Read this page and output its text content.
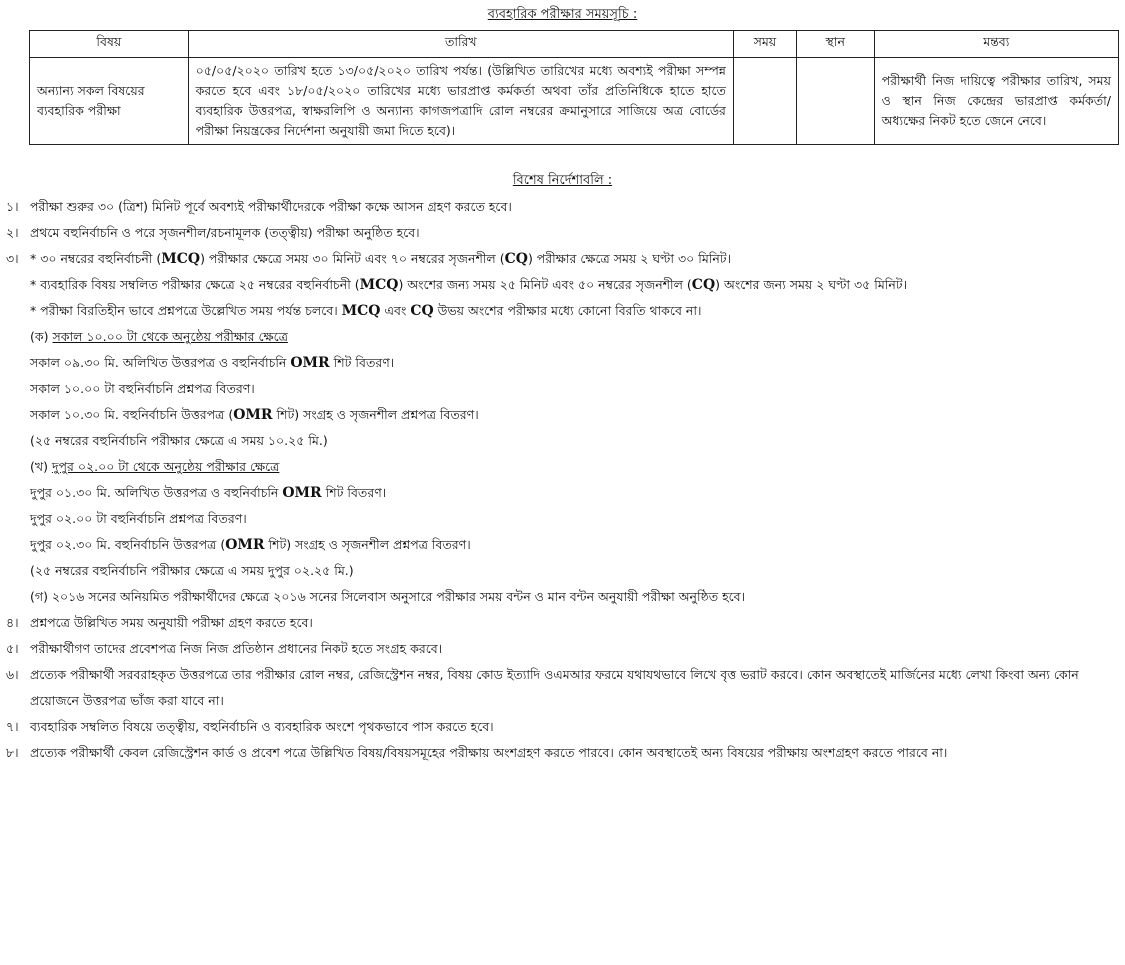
ব্যবহারিক পরীক্ষার সময়সূচি :
বিষয়	তারিখ	সময়	স্থান	মন্তব্য
অন্যান্য সকল বিষয়ের ব্যবহারিক পরীক্ষা	০৫/০৫/২০২০ তারিখ হতে ১৩/০৫/২০২০ তারিখ পর্যন্ত। (উল্লিখিত তারিখের মধ্যে অবশ্যই পরীক্ষা সম্পন্ন করতে হবে এবং ১৮/০৫/২০২০ তারিখের মধ্যে ভারপ্রাপ্ত কর্মকর্তা অথবা তাঁর প্রতিনিধিকে হাতে হাতে ব্যবহারিক উত্তরপত্র, স্বাক্ষরলিপি ও অন্যান্য কাগজপত্রাদি রোল নম্বরের ক্রমানুসারে সাজিয়ে অত্র বোর্ডের পরীক্ষা নিয়ন্ত্রকের নির্দেশনা অনুযায়ী জমা দিতে হবে)।			পরীক্ষার্থী নিজ দায়িত্বে পরীক্ষার তারিখ, সময় ও স্থান নিজ কেন্দ্রের ভারপ্রাপ্ত কর্মকর্তা/অধ্যক্ষের নিকট হতে জেনে নেবে।
বিশেষ নির্দেশাবলি :
১। পরীক্ষা শুরুর ৩০ (ত্রিশ) মিনিট পূর্বে অবশ্যই পরীক্ষার্থীদেরকে পরীক্ষা কক্ষে আসন গ্রহণ করতে হবে।
২। প্রথমে বহুনির্বাচনি ও পরে সৃজনশীল/রচনামূলক (তত্ত্বীয়) পরীক্ষা অনুষ্ঠিত হবে।
৩। * ৩০ নম্বরের বহুনির্বাচনী (MCQ) পরীক্ষার ক্ষেত্রে সময় ৩০ মিনিট এবং ৭০ নম্বরের সৃজনশীল (CQ) পরীক্ষার ক্ষেত্রে সময় ২ ঘণ্টা ৩০ মিনিট।
* ব্যবহারিক বিষয় সম্বলিত পরীক্ষার ক্ষেত্রে ২৫ নম্বরের বহুনির্বাচনী (MCQ) অংশের জন্য সময় ২৫ মিনিট এবং ৫০ নম্বরের সৃজনশীল (CQ) অংশের জন্য সময় ২ ঘণ্টা ৩৫ মিনিট।
* পরীক্ষা বিরতিহীন ভাবে প্রশ্নপত্রে উল্লেখিত সময় পর্যন্ত চলবে। MCQ এবং CQ উভয় অংশের পরীক্ষার মধ্যে কোনো বিরতি থাকবে না।
(ক) সকাল ১০.০০ টা থেকে অনুষ্ঠেয় পরীক্ষার ক্ষেত্রে
সকাল ০৯.৩০ মি. অলিখিত উত্তরপত্র ও বহুনির্বাচনি OMR শিট বিতরণ।
সকাল ১০.০০ টা বহুনির্বাচনি প্রশ্নপত্র বিতরণ।
সকাল ১০.৩০ মি. বহুনির্বাচনি উত্তরপত্র (OMR শিট) সংগ্রহ ও সৃজনশীল প্রশ্নপত্র বিতরণ।
(২৫ নম্বরের বহুনির্বাচনি পরীক্ষার ক্ষেত্রে এ সময় ১০.২৫ মি.)
(খ) দুপুর ০২.০০ টা থেকে অনুষ্ঠেয় পরীক্ষার ক্ষেত্রে
দুপুর ০১.৩০ মি. অলিখিত উত্তরপত্র ও বহুনির্বাচনি OMR শিট বিতরণ।
দুপুর ০২.০০ টা বহুনির্বাচনি প্রশ্নপত্র বিতরণ।
দুপুর ০২.৩০ মি. বহুনির্বাচনি উত্তরপত্র (OMR শিট) সংগ্রহ ও সৃজনশীল প্রশ্নপত্র বিতরণ।
(২৫ নম্বরের বহুনির্বাচনি পরীক্ষার ক্ষেত্রে এ সময় দুপুর ০২.২৫ মি.)
(গ) ২০১৬ সনের অনিয়মিত পরীক্ষার্থীদের ক্ষেত্রে ২০১৬ সনের সিলেবাস অনুসারে পরীক্ষার সময় বন্টন ও মান বন্টন অনুযায়ী পরীক্ষা অনুষ্ঠিত হবে।
৪। প্রশ্নপত্রে উল্লিখিত সময় অনুযায়ী পরীক্ষা গ্রহণ করতে হবে।
৫। পরীক্ষার্থীগণ তাদের প্রবেশপত্র নিজ নিজ প্রতিষ্ঠান প্রধানের নিকট হতে সংগ্রহ করবে।
৬। প্রত্যেক পরীক্ষার্থী সরবরাহকৃত উত্তরপত্রে তার পরীক্ষার রোল নম্বর, রেজিস্ট্রেশন নম্বর, বিষয় কোড ইত্যাদি ওএমআর ফরমে যথাযথভাবে লিখে বৃত্ত ভরাট করবে। কোন অবস্থাতেই মার্জিনের মধ্যে লেখা কিংবা অন্য কোন প্রয়োজনে উত্তরপত্র ভাঁজ করা যাবে না।
৭। ব্যবহারিক সম্বলিত বিষয়ে তত্ত্বীয়, বহুনির্বাচনি ও ব্যবহারিক অংশে পৃথকভাবে পাস করতে হবে।
৮। প্রত্যেক পরীক্ষার্থী কেবল রেজিস্ট্রেশন কার্ড ও প্রবেশ পত্রে উল্লিখিত বিষয়/বিষয়সমূহের পরীক্ষায় অংশগ্রহণ করতে পারবে। কোন অবস্থাতেই অন্য বিষয়ের পরীক্ষায় অংশগ্রহণ করতে পারবে না।
